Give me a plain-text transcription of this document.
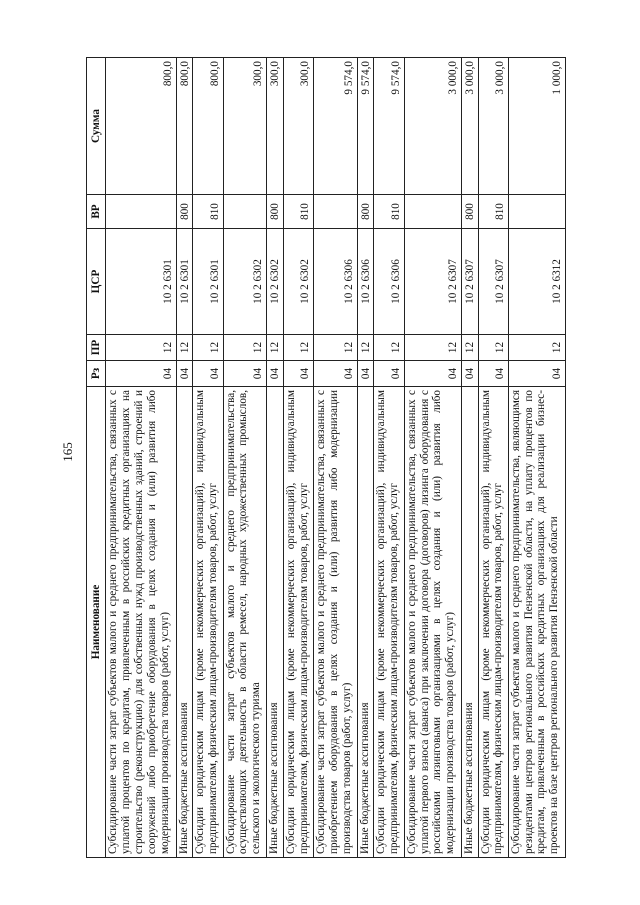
165
Наименование	Рз	ПР	ЦСР	ВР	Сумма
Субсидирование части затрат субъектов малого и среднего предпринимательства, связанных с уплатой процентов по кредитам, привлеченным в российских кредитных организациях на строительство (реконструкцию) для собственных нужд производственных зданий, строений и сооружений либо приобретение оборудования в целях создания и (или) развития либо модернизации производства товаров (работ, услуг)	04	12	10 2 6301		800,0
Иные бюджетные ассигнования	04	12	10 2 6301	800	800,0
Субсидии юридическим лицам (кроме некоммерческих организаций), индивидуальным предпринимателям, физическим лицам-производителям товаров, работ, услуг	04	12	10 2 6301	810	800,0
Субсидирование части затрат субъектов малого и среднего предпринимательства, осуществляющих деятельность в области ремесел, народных художественных промыслов, сельского и экологического туризма	04	12	10 2 6302		300,0
Иные бюджетные ассигнования	04	12	10 2 6302	800	300,0
Субсидии юридическим лицам (кроме некоммерческих организаций), индивидуальным предпринимателям, физическим лицам-производителям товаров, работ, услуг	04	12	10 2 6302	810	300,0
Субсидирование части затрат субъектов малого и среднего предпринимательства, связанных с приобретением оборудования в целях создания и (или) развития либо модернизации производства товаров (работ, услуг)	04	12	10 2 6306		9 574,0
Иные бюджетные ассигнования	04	12	10 2 6306	800	9 574,0
Субсидии юридическим лицам (кроме некоммерческих организаций), индивидуальным предпринимателям, физическим лицам-производителям товаров, работ, услуг	04	12	10 2 6306	810	9 574,0
Субсидирование части затрат субъектов малого и среднего предпринимательства, связанных с уплатой первого взноса (аванса) при заключении договора (договоров) лизинга оборудования с российскими лизинговыми организациями в целях создания и (или) развития либо модернизации производства товаров (работ, услуг)	04	12	10 2 6307		3 000,0
Иные бюджетные ассигнования	04	12	10 2 6307	800	3 000,0
Субсидии юридическим лицам (кроме некоммерческих организаций), индивидуальным предпринимателям, физическим лицам-производителям товаров, работ, услуг	04	12	10 2 6307	810	3 000,0
Субсидирование части затрат субъектам малого и среднего предпринимательства, являющимся резидентами центров регионального развития Пензенской области, на уплату процентов по кредитам, привлеченным в российских кредитных организациях для реализации бизнес-проектов на базе центров регионального развития Пензенской области	04	12	10 2 6312		1 000,0
